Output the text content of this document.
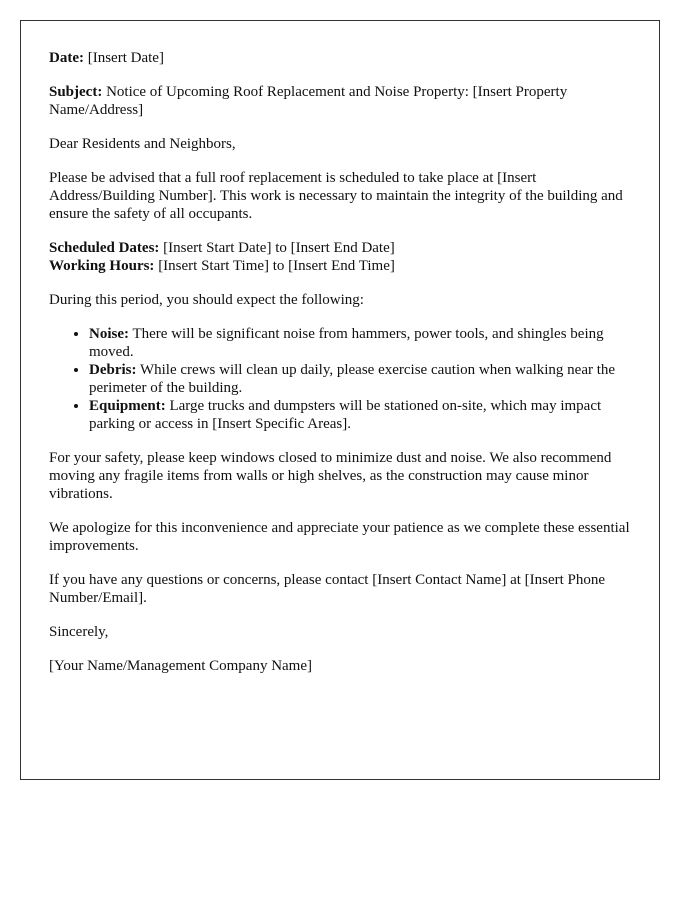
Date: [Insert Date]

Subject: Notice of Upcoming Roof Replacement and Noise Property: [Insert Property Name/Address]

Dear Residents and Neighbors,

Please be advised that a full roof replacement is scheduled to take place at [Insert Address/Building Number]. This work is necessary to maintain the integrity of the building and ensure the safety of all occupants.

Scheduled Dates: [Insert Start Date] to [Insert End Date]

Working Hours: [Insert Start Time] to [Insert End Time]

During this period, you should expect the following:

• Noise: There will be significant noise from hammers, power tools, and shingles being moved.
• Debris: While crews will clean up daily, please exercise caution when walking near the perimeter of the building.
• Equipment: Large trucks and dumpsters will be stationed on-site, which may impact parking or access in [Insert Specific Areas].

For your safety, please keep windows closed to minimize dust and noise. We also recommend moving any fragile items from walls or high shelves, as the construction may cause minor vibrations.

We apologize for this inconvenience and appreciate your patience as we complete these essential improvements.

If you have any questions or concerns, please contact [Insert Contact Name] at [Insert Phone Number/Email].

Sincerely,

[Your Name/Management Company Name]
